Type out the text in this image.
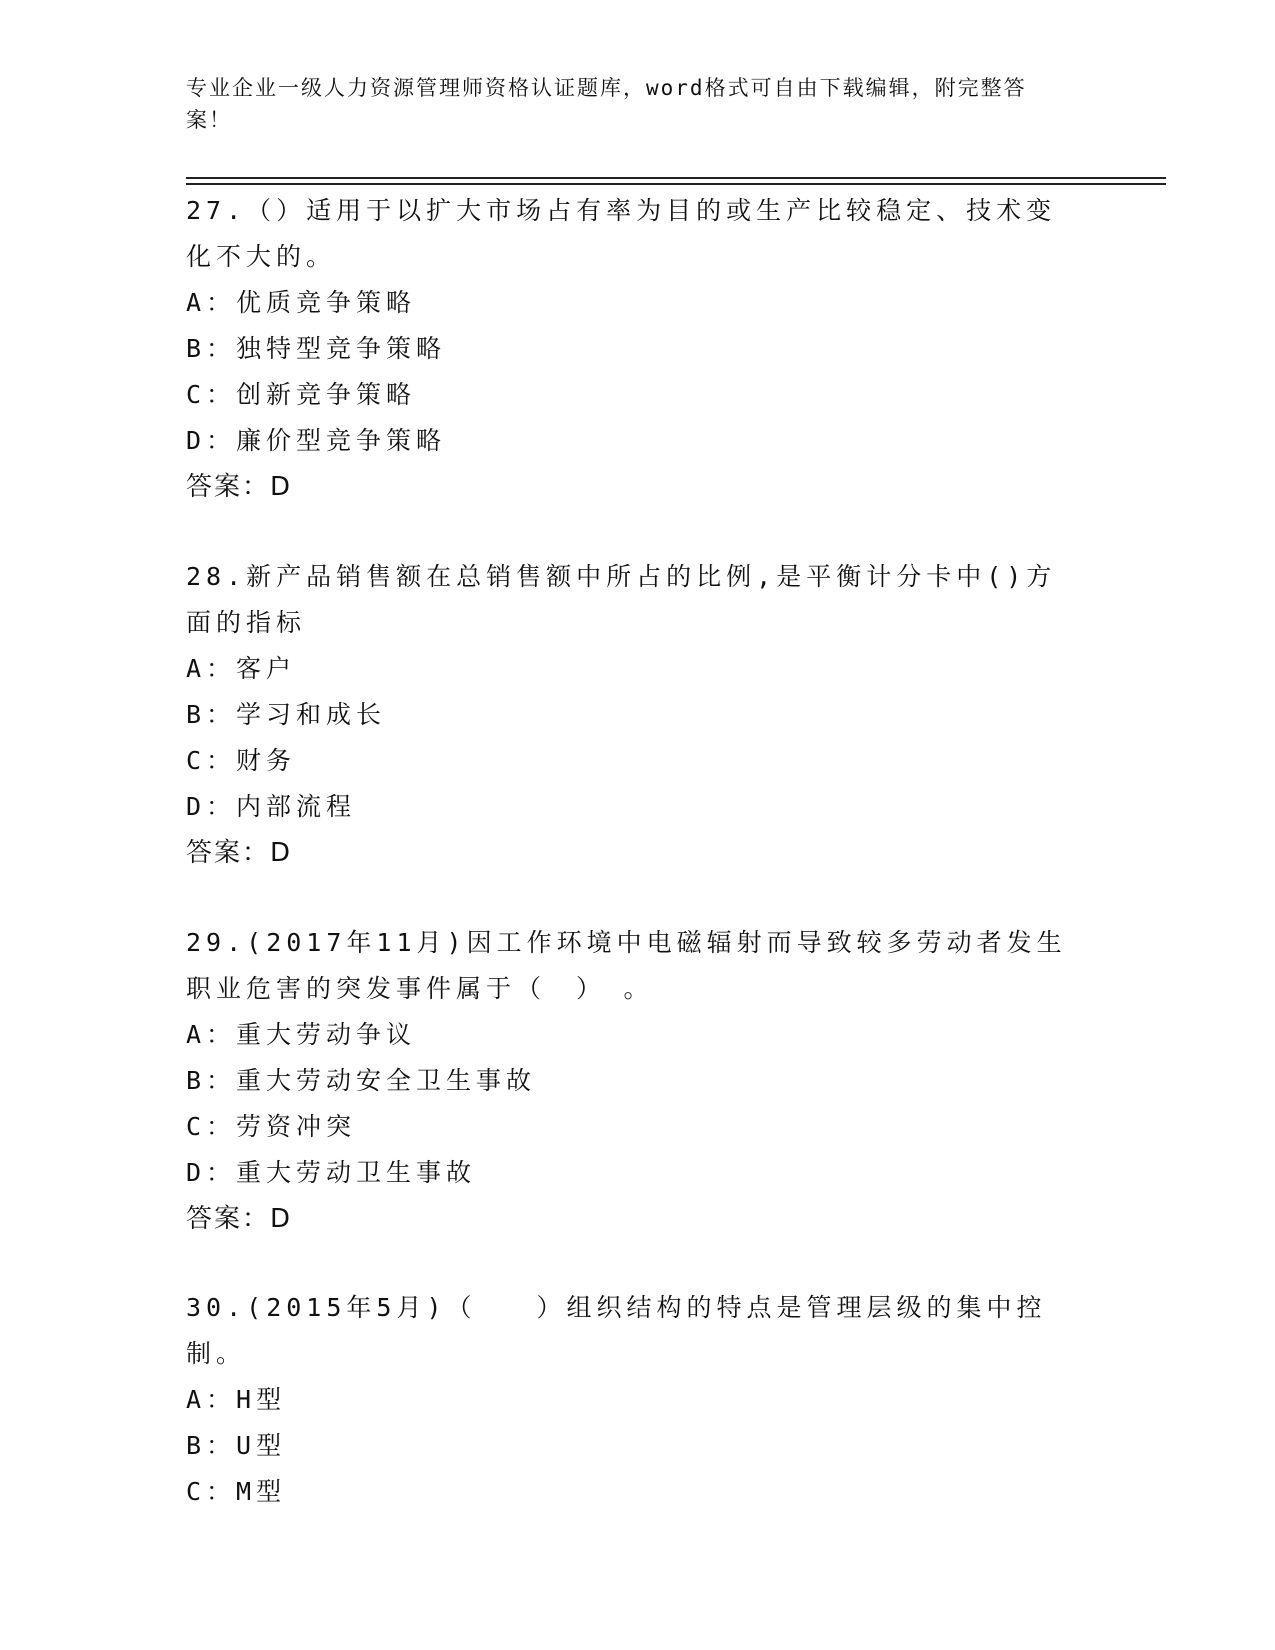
专业企业一级人力资源管理师资格认证题库，word格式可自由下载编辑，附完整答案！

27.（）适用于以扩大市场占有率为目的或生产比较稳定、技术变化不大的。

A：优质竞争策略

B：独特型竞争策略

C：创新竞争策略

D：廉价型竞争策略

答案：D

28.新产品销售额在总销售额中所占的比例,是平衡计分卡中()方面的指标

A：客户

B：学习和成长

C：财务

D：内部流程

答案：D

29.(2017年11月)因工作环境中电磁辐射而导致较多劳动者发生职业危害的突发事件属于（　）　。

A：重大劳动争议

B：重大劳动安全卫生事故

C：劳资冲突

D：重大劳动卫生事故

答案：D

30.(2015年5月)（　　）组织结构的特点是管理层级的集中控制。

A：H型

B：U型

C：M型
